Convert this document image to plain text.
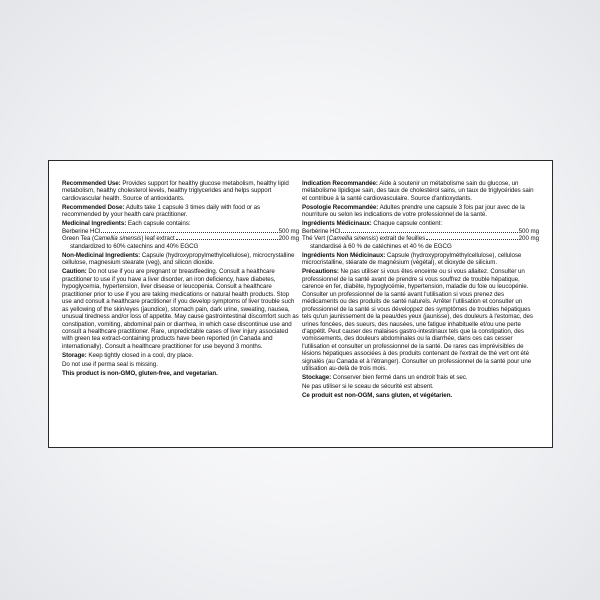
Recommended Use: Provides support for healthy glucose metabolism, healthy lipid metabolism, healthy cholesterol levels, healthy triglycerides and helps support cardiovascular health. Source of antioxidants.

Recommended Dose: Adults take 1 capsule 3 times daily with food or as recommended by your health care practitioner.

Medicinal Ingredients: Each capsule contains:

Berberine HCl	500 mg
Green Tea (Camellia sinensis) leaf extract	200 mg

standardized to 60% catechins and 40% EGCG

Non-Medicinal Ingredients: Capsule (hydroxypropylmethylcellulose), microcrystalline cellulose, magnesium stearate (veg), and silicon dioxide.

Caution: Do not use if you are pregnant or breastfeeding. Consult a healthcare practitioner to use if you have a liver disorder, an iron deficiency, have diabetes, hypoglycemia, hypertension, liver disease or leucopenia. Consult a healthcare practitioner prior to use if you are taking medications or natural health products. Stop use and consult a healthcare practitioner if you develop symptoms of liver trouble such as yellowing of the skin/eyes (jaundice), stomach pain, dark urine, sweating, nausea, unusual tiredness and/or loss of appetite. May cause gastrointestinal discomfort such as constipation, vomiting, abdominal pain or diarrhea, in which case discontinue use and consult a healthcare practitioner. Rare, unpredictable cases of liver injury associated with green tea extract-containing products have been reported (in Canada and internationally). Consult a healthcare practitioner for use beyond 3 months.

Storage: Keep tightly closed in a cool, dry place.

Do not use if perma seal is missing.

This product is non-GMO, gluten-free, and vegetarian.

Indication Recommandée: Aide à soutenir un métabolisme sain du glucose, un métabolisme lipidique sain, des taux de cholestérol sains, un taux de triglycérides sain et contribue à la santé cardiovasculaire. Source d'antioxydants.

Posologie Recommandée: Adultes prendre une capsule 3 fois par jour avec de la nourriture ou selon les indications de votre professionnel de la santé.

Ingrédients Médicinaux: Chaque capsule contient:

Berbérine HCl	500 mg
Thé Vert (Camellia sinensis) extrait de feuilles	200 mg

standardisé à 60 % de catéchines et 40 % de EGCG

Ingrédients Non Médicinaux: Capsule (hydroxypropylméthylcellulose), cellulose microcristalline, stéarate de magnésium (végétal), et dioxyde de silicium.

Précautions: Ne pas utiliser si vous êtes enceinte ou si vous allaitez. Consulter un professionnel de la santé avant de prendre si vous souffrez de trouble hépatique, carence en fer, diabète, hypoglycémie, hypertension, maladie du foie ou leucopénie. Consulter un professionnel de la santé avant l'utilisation si vous prenez des médicaments ou des produits de santé naturels. Arrêter l'utilisation et consulter un professionnel de la santé si vous développez des symptômes de troubles hépatiques tels qu'un jaunissement de la peau/des yeux (jaunisse), des douleurs à l'estomac, des urines foncées, des sueurs, des nausées, une fatigue inhabituelle et/ou une perte d'appétit. Peut causer des malaises gastro-intestinaux tels que la constipation, des vomissements, des douleurs abdominales ou la diarrhée, dans ces cas cesser l'utilisation et consulter un professionnel de la santé. De rares cas imprévisibles de lésions hépatiques associées à des produits contenant de l'extrait de thé vert ont été signalés (au Canada et à l'étranger). Consulter un professionnel de la santé pour une utilisation au-delà de trois mois.

Stockage: Conserver bien fermé dans un endroit frais et sec.

Ne pas utiliser si le sceau de sécurité est absent.

Ce produit est non-OGM, sans gluten, et végétarien.
